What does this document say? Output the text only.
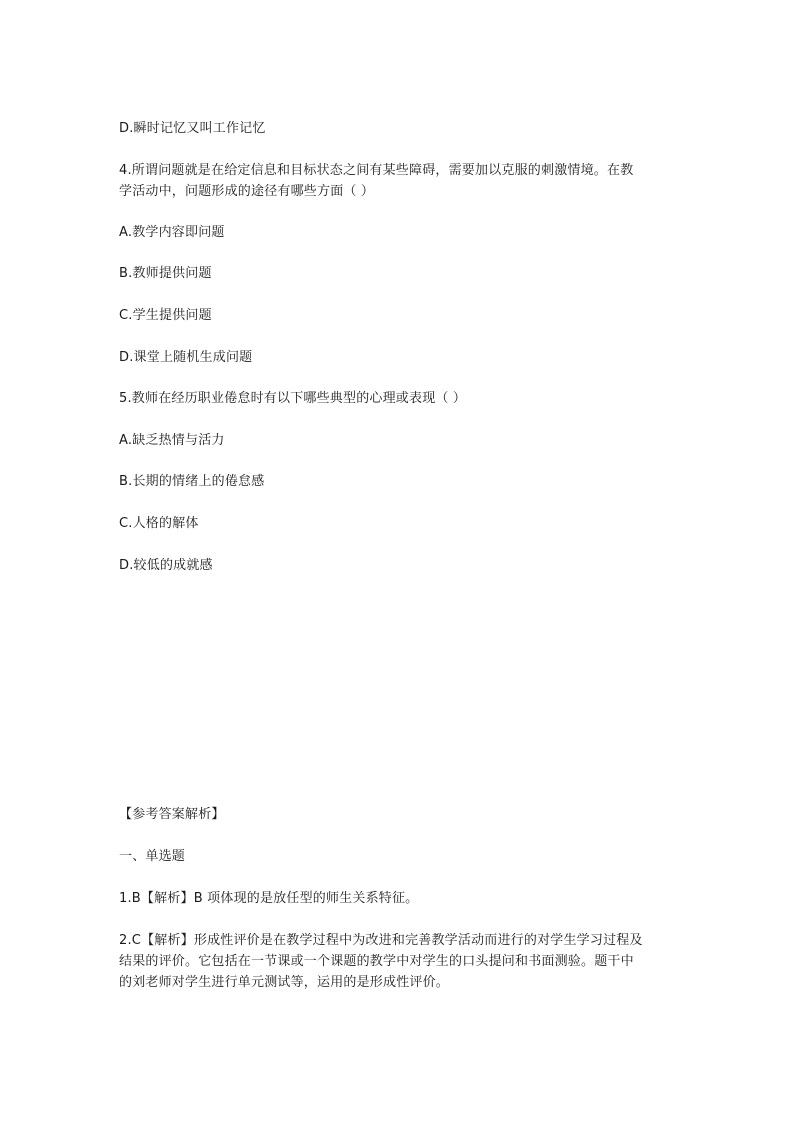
D.瞬时记忆又叫工作记忆
4.所谓问题就是在给定信息和目标状态之间有某些障碍，需要加以克服的刺激情境。在教
学活动中，问题形成的途径有哪些方面（ ）
A.教学内容即问题
B.教师提供问题
C.学生提供问题
D.课堂上随机生成问题
5.教师在经历职业倦怠时有以下哪些典型的心理或表现（ ）
A.缺乏热情与活力
B.长期的情绪上的倦怠感
C.人格的解体
D.较低的成就感
【参考答案解析】
一、单选题
1.B【解析】B 项体现的是放任型的师生关系特征。
2.C【解析】形成性评价是在教学过程中为改进和完善教学活动而进行的对学生学习过程及
结果的评价。它包括在一节课或一个课题的教学中对学生的口头提问和书面测验。题干中
的刘老师对学生进行单元测试等，运用的是形成性评价。
